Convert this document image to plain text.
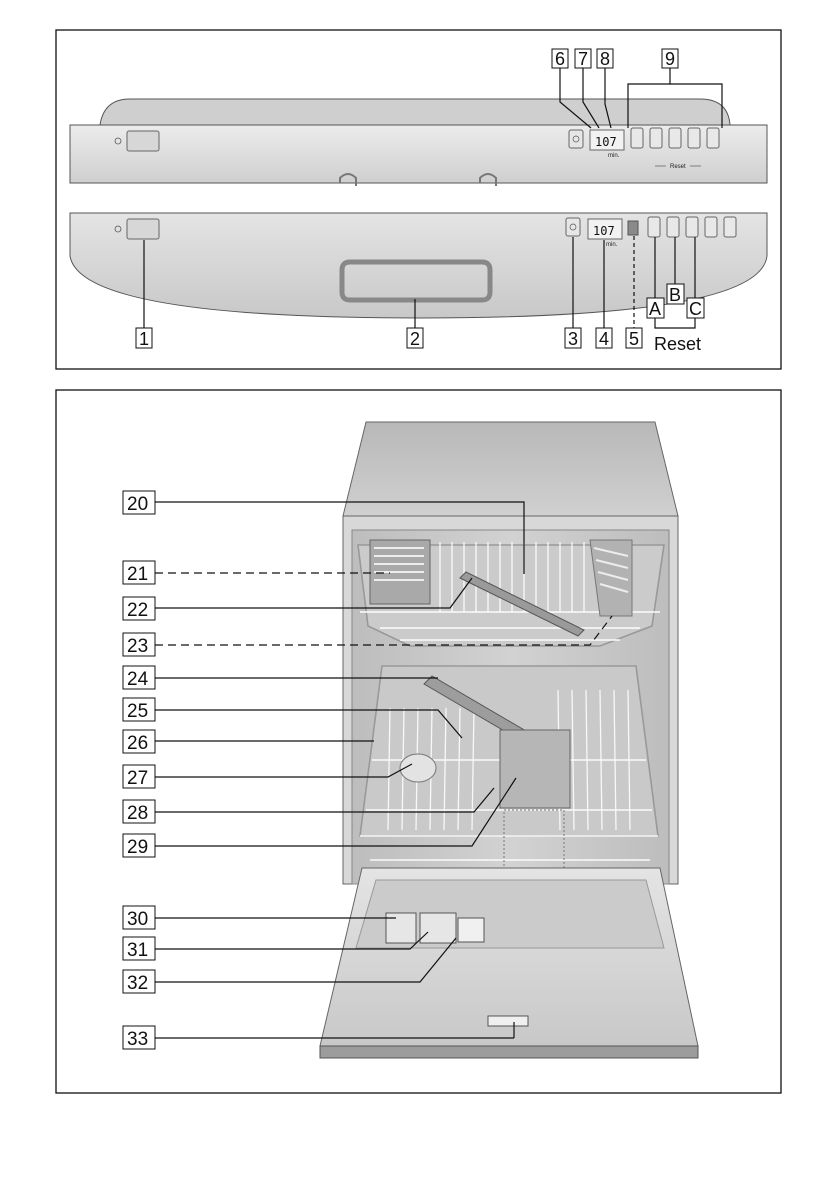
107
min.
Reset
107
min.
6 7 8	9
1	2	3 4 5
A
B
C
Reset
20
21
22
23
24
25
26
27
28
29
30
31
32
33
